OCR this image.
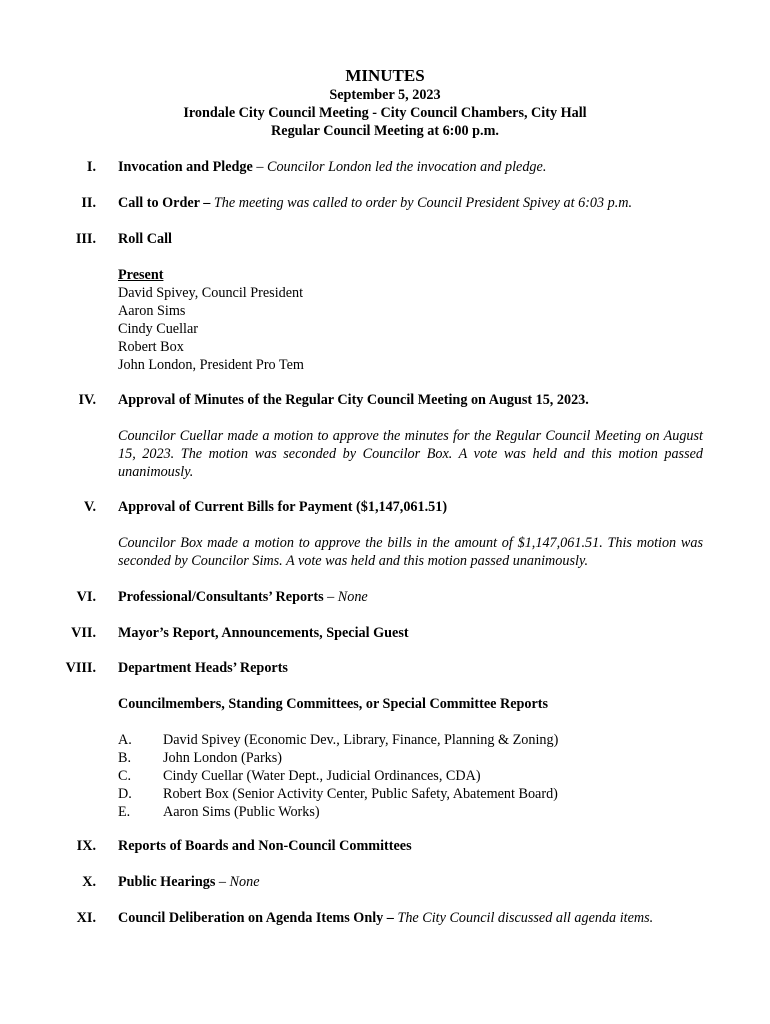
MINUTES
September 5, 2023
Irondale City Council Meeting - City Council Chambers, City Hall
Regular Council Meeting at 6:00 p.m.
I. Invocation and Pledge – Councilor London led the invocation and pledge.
II. Call to Order – The meeting was called to order by Council President Spivey at 6:03 p.m.
III. Roll Call
Present
David Spivey, Council President
Aaron Sims
Cindy Cuellar
Robert Box
John London, President Pro Tem
IV. Approval of Minutes of the Regular City Council Meeting on August 15, 2023.
Councilor Cuellar made a motion to approve the minutes for the Regular Council Meeting on August 15, 2023. The motion was seconded by Councilor Box. A vote was held and this motion passed unanimously.
V. Approval of Current Bills for Payment ($1,147,061.51)
Councilor Box made a motion to approve the bills in the amount of $1,147,061.51. This motion was seconded by Councilor Sims. A vote was held and this motion passed unanimously.
VI. Professional/Consultants’ Reports – None
VII. Mayor’s Report, Announcements, Special Guest
VIII. Department Heads’ Reports
Councilmembers, Standing Committees, or Special Committee Reports
A. David Spivey (Economic Dev., Library, Finance, Planning & Zoning)
B. John London (Parks)
C. Cindy Cuellar (Water Dept., Judicial Ordinances, CDA)
D. Robert Box (Senior Activity Center, Public Safety, Abatement Board)
E. Aaron Sims (Public Works)
IX. Reports of Boards and Non-Council Committees
X. Public Hearings – None
XI. Council Deliberation on Agenda Items Only – The City Council discussed all agenda items.
